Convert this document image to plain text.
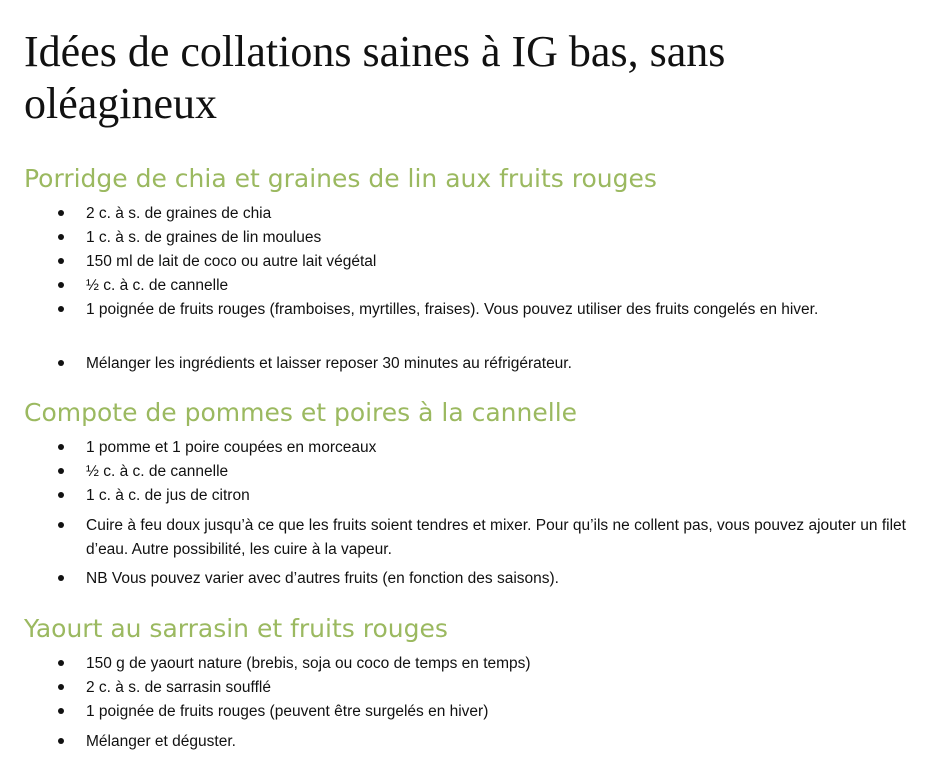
Idées de collations saines à IG bas, sans oléagineux
Porridge de chia et graines de lin aux fruits rouges
2 c. à s. de graines de chia
1 c. à s. de graines de lin moulues
150 ml de lait de coco ou autre lait végétal
½ c. à c. de cannelle
1 poignée de fruits rouges (framboises, myrtilles, fraises). Vous pouvez utiliser des fruits congelés en hiver.
Mélanger les ingrédients et laisser reposer 30 minutes au réfrigérateur.
Compote de pommes et poires à la cannelle
1 pomme et 1 poire coupées en morceaux
½ c. à c. de cannelle
1 c. à c. de jus de citron
Cuire à feu doux jusqu’à ce que les fruits soient tendres et mixer. Pour qu’ils ne collent pas, vous pouvez ajouter un filet d’eau. Autre possibilité, les cuire à la vapeur.
NB Vous pouvez varier avec d’autres fruits (en fonction des saisons).
Yaourt au sarrasin et fruits rouges
150 g de yaourt nature (brebis, soja ou coco de temps en temps)
2 c. à s. de sarrasin soufflé
1 poignée de fruits rouges (peuvent être surgelés en hiver)
Mélanger et déguster.
